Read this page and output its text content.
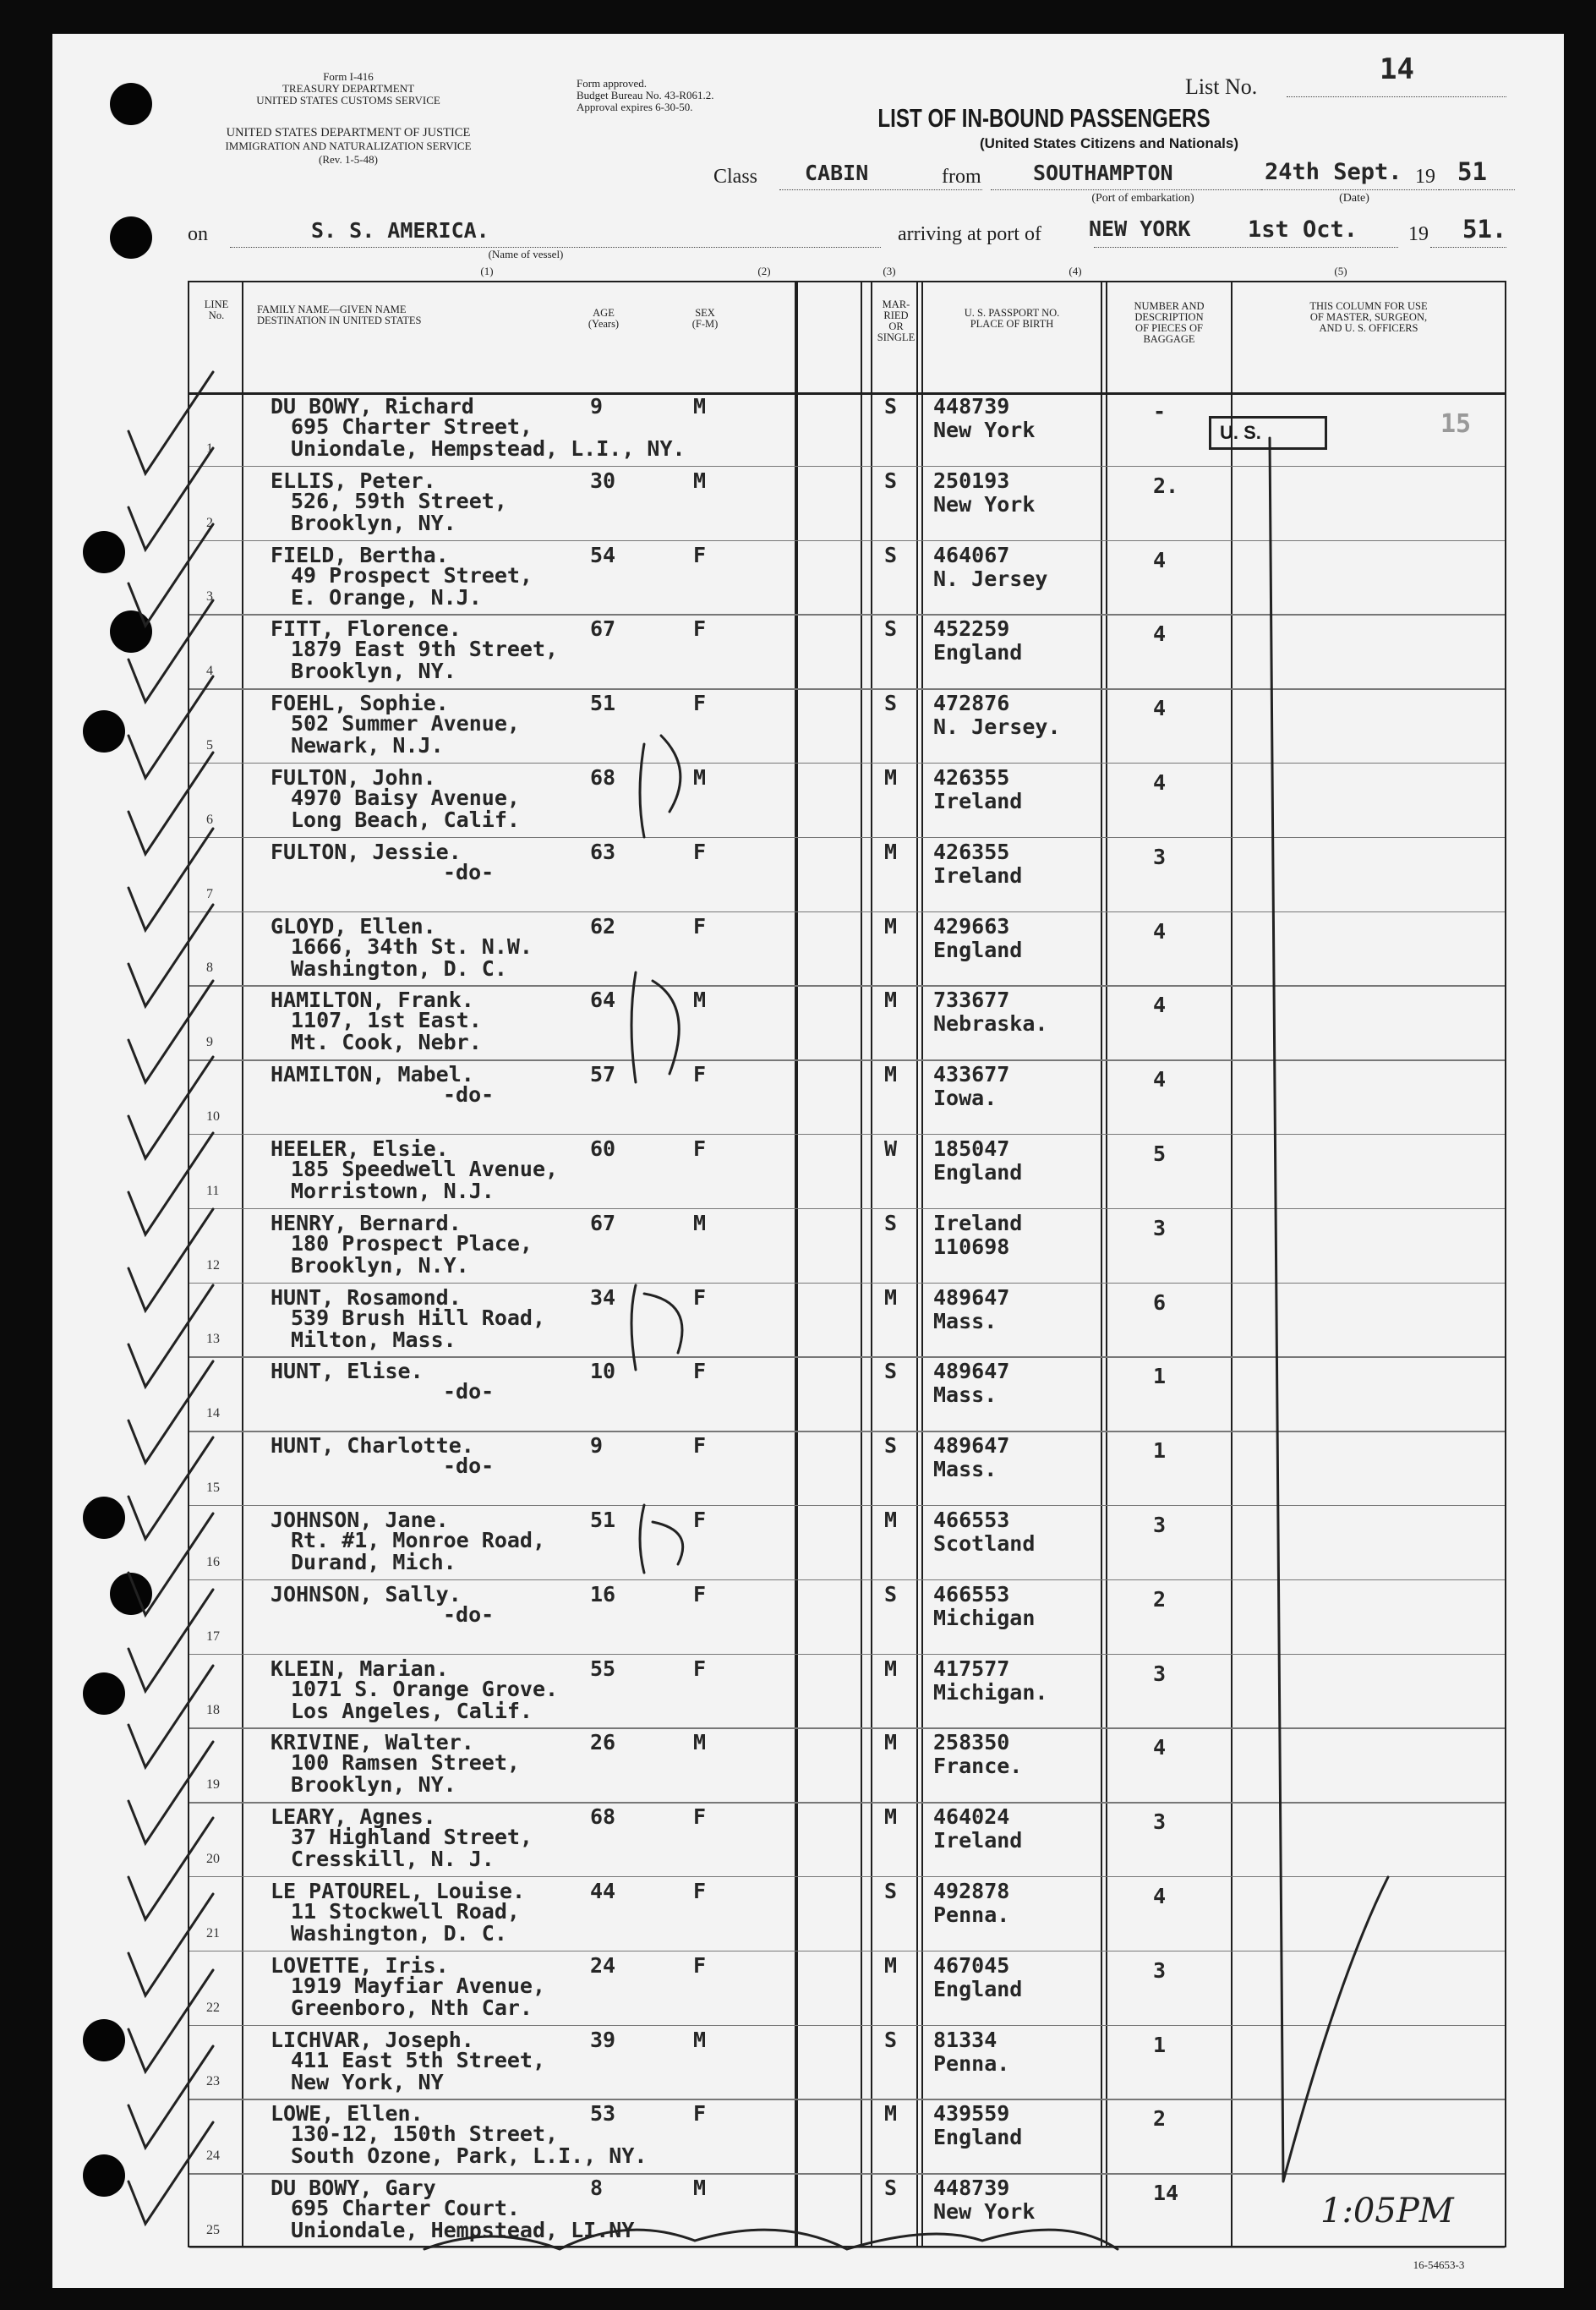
Form I-416
TREASURY DEPARTMENT
UNITED STATES CUSTOMS SERVICE
UNITED STATES DEPARTMENT OF JUSTICE
IMMIGRATION AND NATURALIZATION SERVICE
(Rev. 1-5-48)
Form approved.
Budget Bureau No. 43-R061.2.
Approval expires 6-30-50.
List No.
14
LIST OF IN-BOUND PASSENGERS
(United States Citizens and Nationals)
Class CABIN	from SOUTHAMPTON
(Port of embarkation)
24th Sept.
(Date)
19 51
on	S. S. AMERICA.
(Name of vessel)
arriving at port of NEW YORK	1st Oct. 19 51.
(1)	(2)	(3)	(4)	(5)
LINE
No.	FAMILY NAME—GIVEN NAME
DESTINATION IN UNITED STATES
AGE
(Years)
SEX
(F-M)
MAR-
RIED
OR
SINGLE
U. S. PASSPORT NO.
PLACE OF BIRTH
NUMBER AND DESCRIPTION
OF PIECES OF
BAGGAGE
THIS COLUMN FOR USE
OF MASTER, SURGEON,
AND U. S. OFFICERS
1
DU BOWY, Richard
695 Charter Street,
Uniondale, Hempstead, L.I., NY.
9	M	S 448739
New York
-
2
ELLIS, Peter.
526, 59th Street,
Brooklyn, NY.
30	M	S 250193
New York
2.
3
FIELD, Bertha.
49 Prospect Street,
E. Orange, N.J.
54	F	S 464067
N. Jersey
4
4
FITT, Florence.
1879 East 9th Street,
Brooklyn, NY.
67	F	S 452259
England
4
5
FOEHL, Sophie.
502 Summer Avenue,
Newark, N.J.
51	F	S 472876
N. Jersey.
4
6
FULTON, John.
4970 Baisy Avenue,
Long Beach, Calif.
68	M	M 426355
Ireland
4
7
FULTON, Jessie.
-do-
63	F	M 426355
Ireland
3
8
GLOYD, Ellen.
1666, 34th St. N.W.
Washington, D. C.
62	F	M 429663
England
4
9
HAMILTON, Frank.
1107, 1st East.
Mt. Cook, Nebr.
64	M	M 733677
Nebraska.
4
10
HAMILTON, Mabel.
-do-
57	F	M 433677
Iowa.
4
11
HEELER, Elsie.
185 Speedwell Avenue,
Morristown, N.J.
60	F	W 185047
England
5
12
HENRY, Bernard.
180 Prospect Place,
Brooklyn, N.Y.
67	M	S Ireland
110698
3
13
HUNT, Rosamond.
539 Brush Hill Road,
Milton, Mass.
34	F	M 489647
Mass.
6
14
HUNT, Elise.
-do-
10	F	S 489647
Mass.
1
15
HUNT, Charlotte.
-do-
9	F	S 489647
Mass.
1
16
JOHNSON, Jane.
Rt. #1, Monroe Road,
Durand, Mich.
51	F	M 466553
Scotland
3
17
JOHNSON, Sally.
-do-
16	F	S 466553
Michigan
2
18
KLEIN, Marian.
1071 S. Orange Grove.
Los Angeles, Calif.
55	F	M 417577
Michigan.
3
19
KRIVINE, Walter.
100 Ramsen Street,
Brooklyn, NY.
26	M	M 258350
France.
4
20
LEARY, Agnes.
37 Highland Street,
Cresskill, N. J.
68	F	M 464024
Ireland
3
21
LE PATOUREL, Louise.
11 Stockwell Road,
Washington, D. C.
44	F	S 492878
Penna.
4
22
LOVETTE, Iris.
1919 Mayfiar Avenue,
Greenboro, Nth Car.
24	F	M 467045
England
3
23
LICHVAR, Joseph.
411 East 5th Street,
New York, NY
39	M	S 81334
Penna.
1
24
LOWE, Ellen.
130-12, 150th Street,
South Ozone, Park, L.I., NY.
53	F	M 439559
England
2
25
DU BOWY, Gary
695 Charter Court.
Uniondale, Hempstead, LI.NY
8	M	S 448739
New York
14
U. S.	15
1:05PM
16-54653-3
